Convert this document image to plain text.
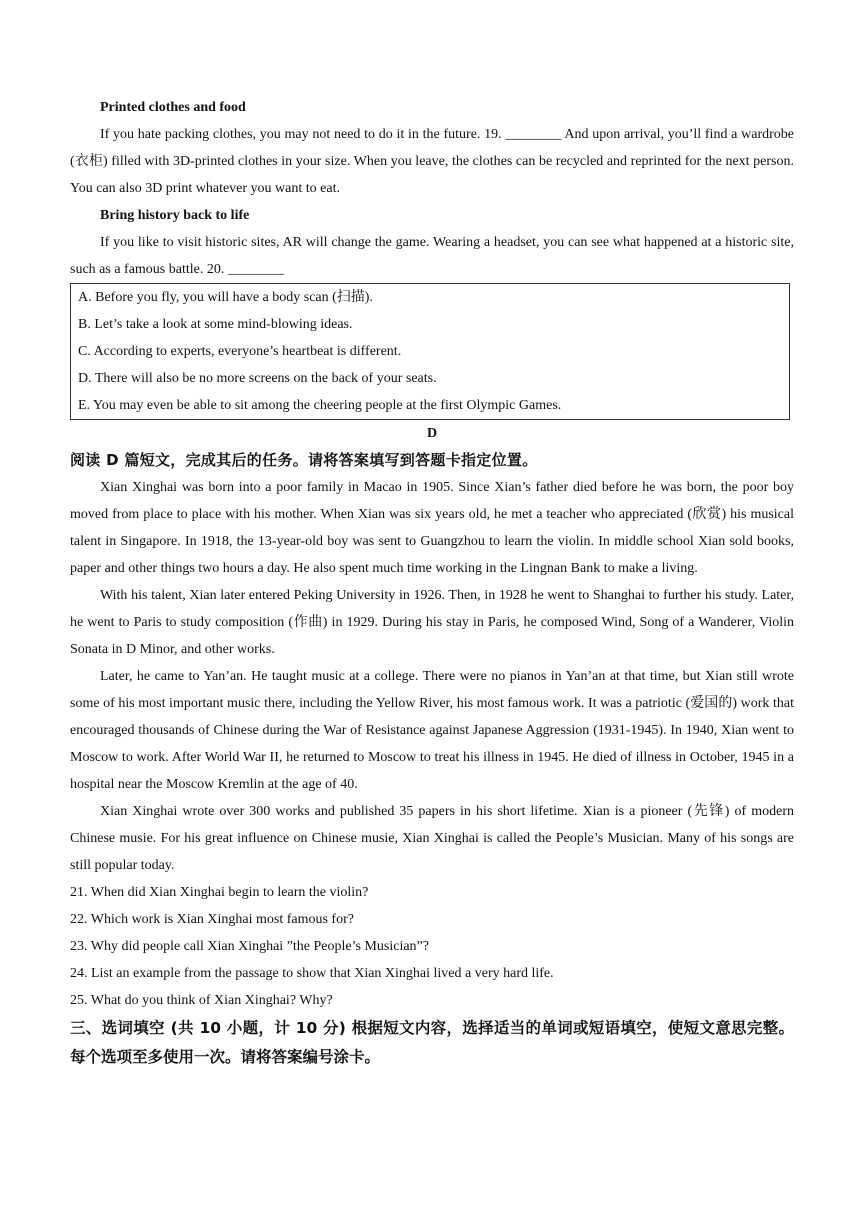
Printed clothes and food

If you hate packing clothes, you may not need to do it in the future. 19. ________ And upon arrival, you’ll find a wardrobe (衣柜) filled with 3D-printed clothes in your size. When you leave, the clothes can be recycled and reprinted for the next person. You can also 3D print whatever you want to eat.

Bring history back to life

If you like to visit historic sites, AR will change the game. Wearing a headset, you can see what happened at a historic site, such as a famous battle. 20. ________

A. Before you fly, you will have a body scan (扫描).
B. Let’s take a look at some mind-blowing ideas.
C. According to experts, everyone’s heartbeat is different.
D. There will also be no more screens on the back of your seats.
E. You may even be able to sit among the cheering people at the first Olympic Games.

D

阅读 D 篇短文，完成其后的任务。请将答案填写到答题卡指定位置。

Xian Xinghai was born into a poor family in Macao in 1905. Since Xian’s father died before he was born, the poor boy moved from place to place with his mother. When Xian was six years old, he met a teacher who appreciated (欣赏) his musical talent in Singapore. In 1918, the 13-year-old boy was sent to Guangzhou to learn the violin. In middle school Xian sold books, paper and other things two hours a day. He also spent much time working in the Lingnan Bank to make a living.

With his talent, Xian later entered Peking University in 1926. Then, in 1928 he went to Shanghai to further his study. Later, he went to Paris to study composition (作曲) in 1929. During his stay in Paris, he composed Wind, Song of a Wanderer, Violin Sonata in D Minor, and other works.

Later, he came to Yan’an. He taught music at a college. There were no pianos in Yan’an at that time, but Xian still wrote some of his most important music there, including the Yellow River, his most famous work. It was a patriotic (爱国的) work that encouraged thousands of Chinese during the War of Resistance against Japanese Aggression (1931-1945). In 1940, Xian went to Moscow to work. After World War II, he returned to Moscow to treat his illness in 1945. He died of illness in October, 1945 in a hospital near the Moscow Kremlin at the age of 40.

Xian Xinghai wrote over 300 works and published 35 papers in his short lifetime. Xian is a pioneer (先锋) of modern Chinese musie. For his great influence on Chinese musie, Xian Xinghai is called the People’s Musician. Many of his songs are still popular today.

21. When did Xian Xinghai begin to learn the violin?

22. Which work is Xian Xinghai most famous for?

23. Why did people call Xian Xinghai ”the People’s Musician”?

24. List an example from the passage to show that Xian Xinghai lived a very hard life.

25. What do you think of Xian Xinghai? Why?

三、选词填空 (共 10 小题，计 10 分) 根据短文内容，选择适当的单词或短语填空，使短文意思完整。每个选项至多使用一次。请将答案编号涂卡。
